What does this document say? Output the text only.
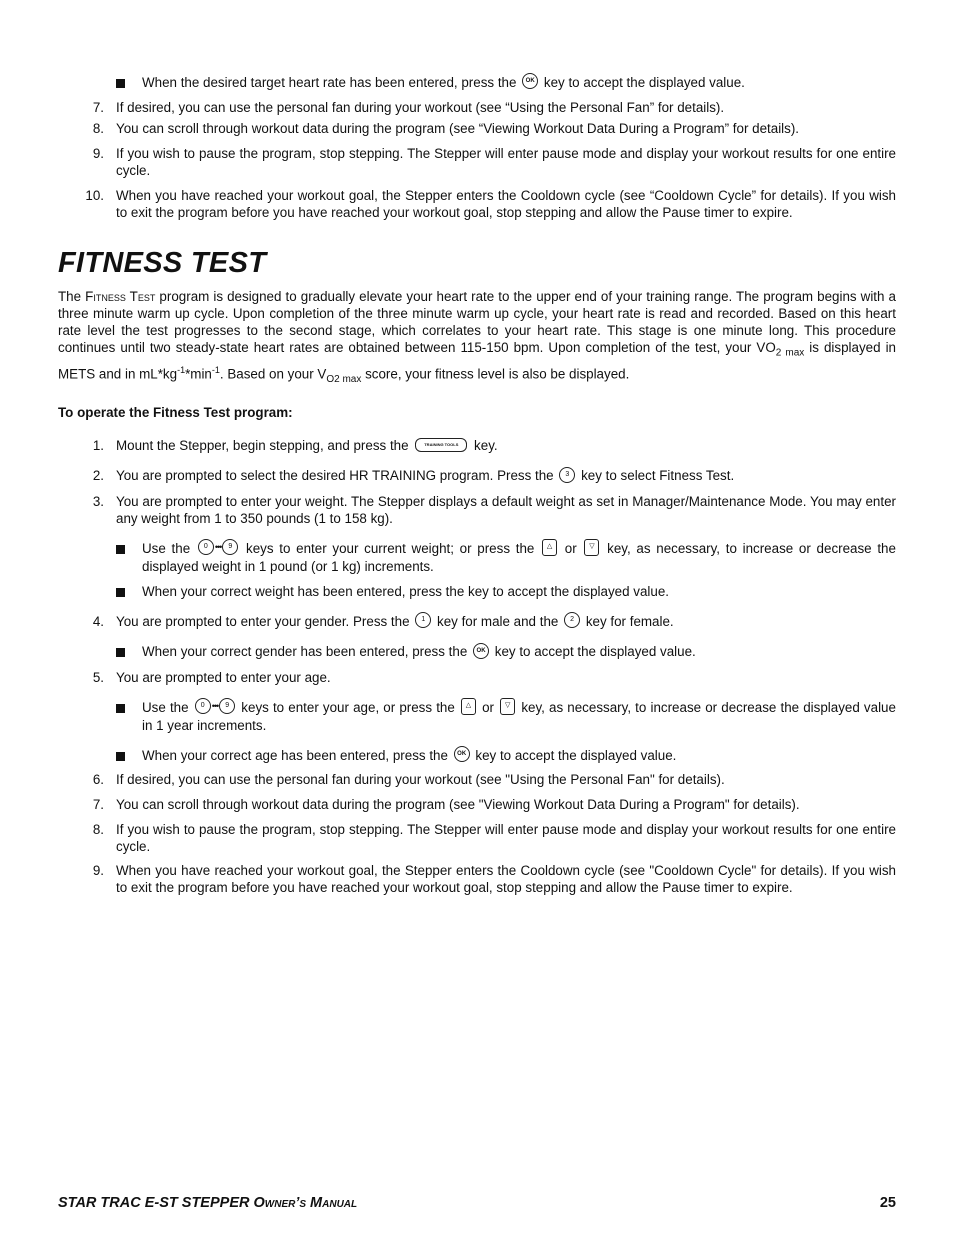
When the desired target heart rate has been entered, press the OK key to accept the displayed value.

7. If desired, you can use the personal fan during your workout (see “Using the Personal Fan” for details).

8. You can scroll through workout data during the program (see “Viewing Workout Data During a Program” for details).

9. If you wish to pause the program, stop stepping. The Stepper will enter pause mode and display your workout results for one entire cycle.

10. When you have reached your workout goal, the Stepper enters the Cooldown cycle (see “Cooldown Cycle” for details). If you wish to exit the program before you have reached your workout goal, stop stepping and allow the Pause timer to expire.

FITNESS TEST

The Fitness Test program is designed to gradually elevate your heart rate to the upper end of your training range. The program begins with a three minute warm up cycle. Upon completion of the three minute warm up cycle, your heart rate is read and recorded. Based on this heart rate level the test progresses to the second stage, which correlates to your heart rate. This stage is one minute long. This procedure continues until two steady-state heart rates are obtained between 115-150 bpm. Upon completion of the test, your $VO_{2 max}$ is displayed in METS and in $mL*kg^{-1}*\min^{-1}$. Based on your $V_{O2 max}$ score, your fitness level is also be displayed.

To operate the Fitness Test program:

1. Mount the Stepper, begin stepping, and press the	TRAINING TOOLS key.

2. You are prompted to select the desired HR TRAINING program. Press the 3 key to select Fitness Test.

3. You are prompted to enter your weight. The Stepper displays a default weight as set in Manager/Maintenance Mode. You may enter any weight from 1 to 350 pounds (1 to 158 kg).

Use the	0 •••	9	keys to enter your current weight; or press the △ or ▽ key, as necessary, to increase or decrease the displayed weight in 1 pound (or 1 kg) increments.

When your correct weight has been entered, press the key to accept the displayed value.

4. You are prompted to enter your gender. Press the 1 key for male and the 2 key for female.

When your correct gender has been entered, press the OK key to accept the displayed value.

5. You are prompted to enter your age.

Use the	0 •••	9 keys to enter your age, or press the △ or ▽ key, as necessary, to increase or decrease the displayed value in 1 year increments.

When your correct age has been entered, press the OK key to accept the displayed value.

6. If desired, you can use the personal fan during your workout (see "Using the Personal Fan" for details).

7. You can scroll through workout data during the program (see "Viewing Workout Data During a Program" for details).

8. If you wish to pause the program, stop stepping. The Stepper will enter pause mode and display your workout results for one entire cycle.

9. When you have reached your workout goal, the Stepper enters the Cooldown cycle (see "Cooldown Cycle" for details). If you wish to exit the program before you have reached your workout goal, stop stepping and allow the Pause timer to expire.

STAR TRAC E-ST STEPPER Owner’s Manual	25
